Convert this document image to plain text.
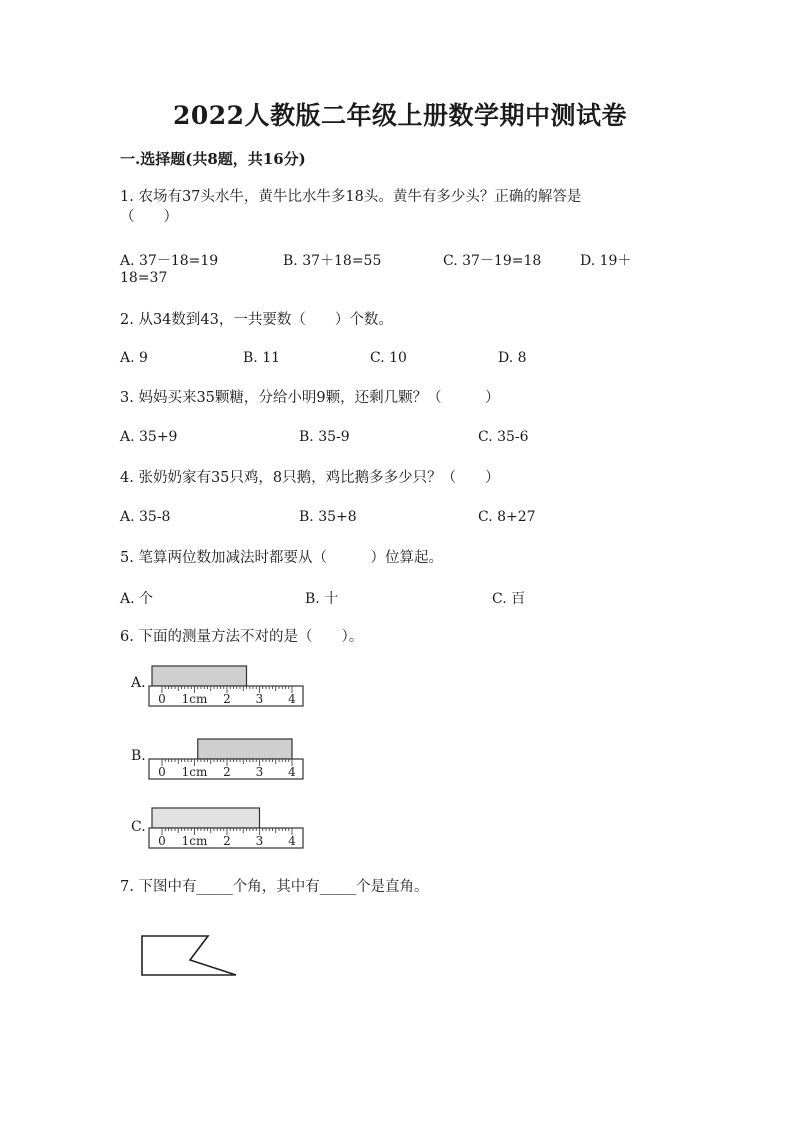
2022人教版二年级上册数学期中测试卷
一.选择题(共8题，共16分)
1. 农场有37头水牛，黄牛比水牛多18头。黄牛有多少头？正确的解答是
（　　）
A. 37－18=19	B. 37＋18=55	C. 37－19=18	D. 19＋
18=37
2. 从34数到43，一共要数（　　）个数。
A. 9	B. 11	C. 10	D. 8
3. 妈妈买来35颗糖，分给小明9颗，还剩几颗？（　　　）
A. 35+9	B. 35-9	C. 35-6
4. 张奶奶家有35只鸡，8只鹅，鸡比鹅多多少只？（　　）
A. 35-8	B. 35+8	C. 8+27
5. 笔算两位数加减法时都要从（　　　）位算起。
A. 个	B. 十	C. 百
6. 下面的测量方法不对的是（　　）。
A.
0 1cm 2 3 4
B.
0 1cm 2 3 4
C.
0 1cm 2 3 4
7. 下图中有_____个角，其中有_____个是直角。
